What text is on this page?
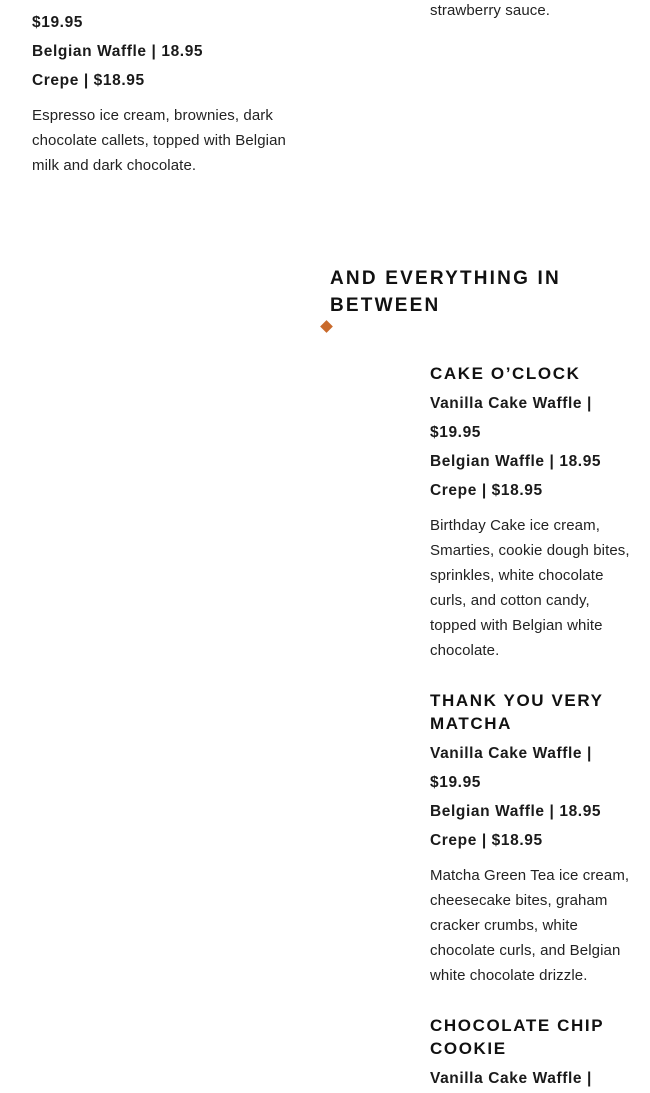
$19.95

Belgian Waffle | 18.95

Crepe | $18.95

Espresso ice cream, brownies, dark chocolate callets, topped with Belgian milk and dark chocolate.

strawberry sauce.

AND EVERYTHING IN BETWEEN

CAKE O’CLOCK

Vanilla Cake Waffle | $19.95

Belgian Waffle | 18.95

Crepe | $18.95

Birthday Cake ice cream, Smarties, cookie dough bites, sprinkles, white chocolate curls, and cotton candy, topped with Belgian white chocolate.

THANK YOU VERY MATCHA

Vanilla Cake Waffle | $19.95

Belgian Waffle | 18.95

Crepe | $18.95

Matcha Green Tea ice cream, cheesecake bites, graham cracker crumbs, white chocolate curls, and Belgian white chocolate drizzle.

CHOCOLATE CHIP COOKIE

Vanilla Cake Waffle |
